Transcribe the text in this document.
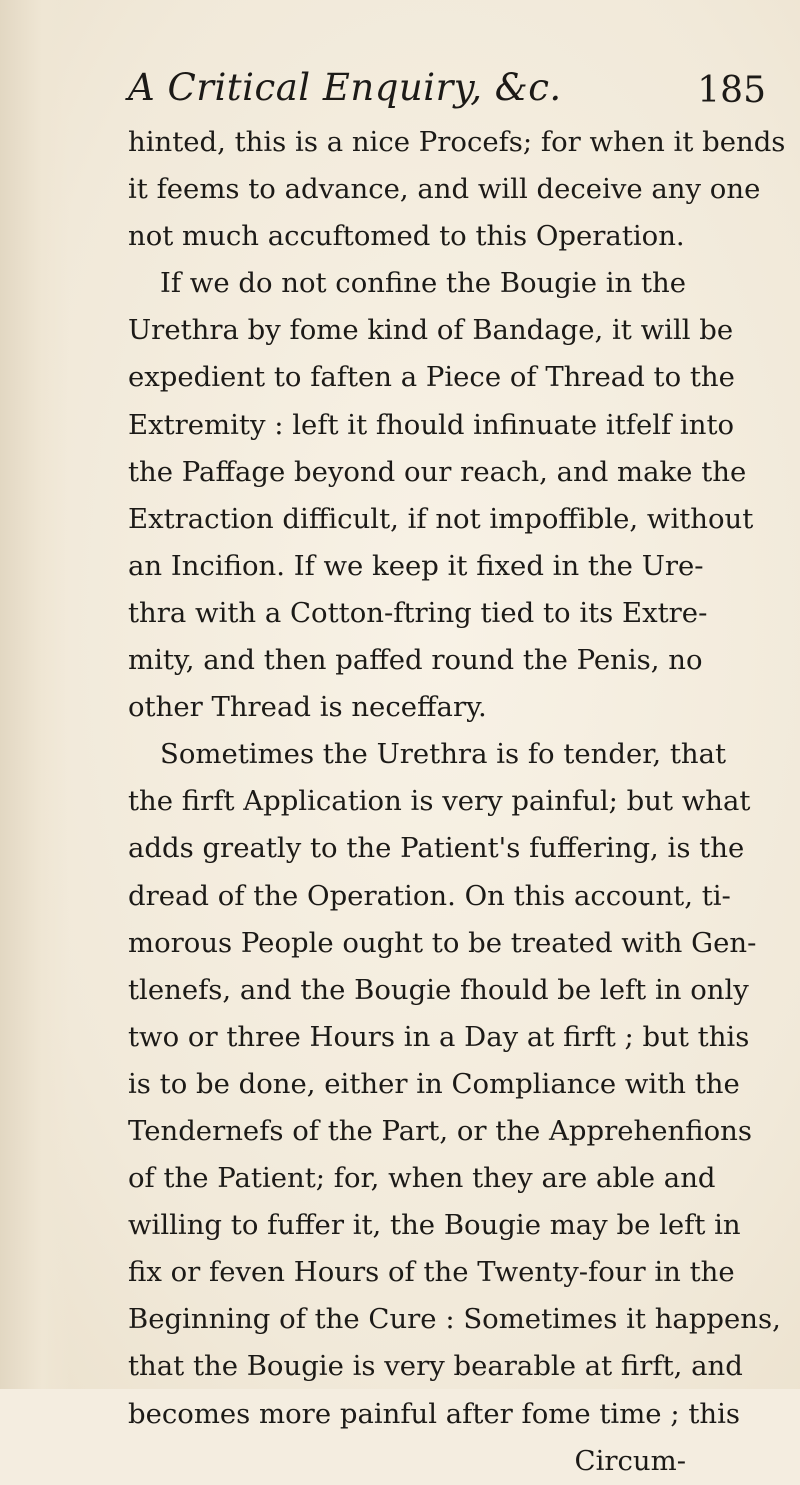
A Critical Enquiry, &c.	185
hinted, this is a nice Procefs; for when it bends
it feems to advance, and will deceive any one
not much accuftomed to this Operation.
If we do not confine the Bougie in the
Urethra by fome kind of Bandage, it will be
expedient to faften a Piece of Thread to the
Extremity : left it fhould infinuate itfelf into
the Paffage beyond our reach, and make the
Extraction difficult, if not impoffible, without
an Incifion. If we keep it fixed in the Ure-
thra with a Cotton-ftring tied to its Extre-
mity, and then paffed round the Penis, no
other Thread is neceffary.
Sometimes the Urethra is fo tender, that
the firft Application is very painful; but what
adds greatly to the Patient's fuffering, is the
dread of the Operation. On this account, ti-
morous People ought to be treated with Gen-
tlenefs, and the Bougie fhould be left in only
two or three Hours in a Day at firft ; but this
is to be done, either in Compliance with the
Tendernefs of the Part, or the Apprehenfions
of the Patient; for, when they are able and
willing to fuffer it, the Bougie may be left in
fix or feven Hours of the Twenty-four in the
Beginning of the Cure : Sometimes it happens,
that the Bougie is very bearable at firft, and
becomes more painful after fome time ; this
Circum-
